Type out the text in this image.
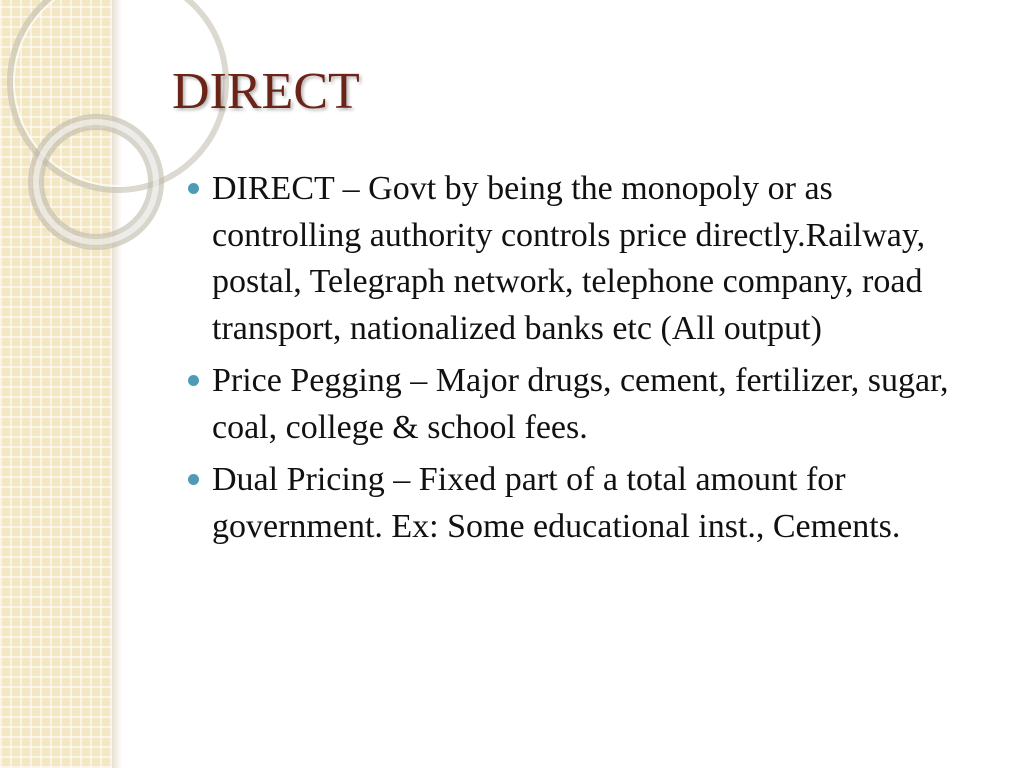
DIRECT
DIRECT – Govt by being the monopoly or as controlling authority controls price directly.Railway, postal, Telegraph network, telephone company, road transport, nationalized banks etc (All output)
Price Pegging – Major drugs, cement, fertilizer, sugar, coal, college & school fees.
Dual Pricing – Fixed part of a total amount for government. Ex: Some educational inst., Cements.
